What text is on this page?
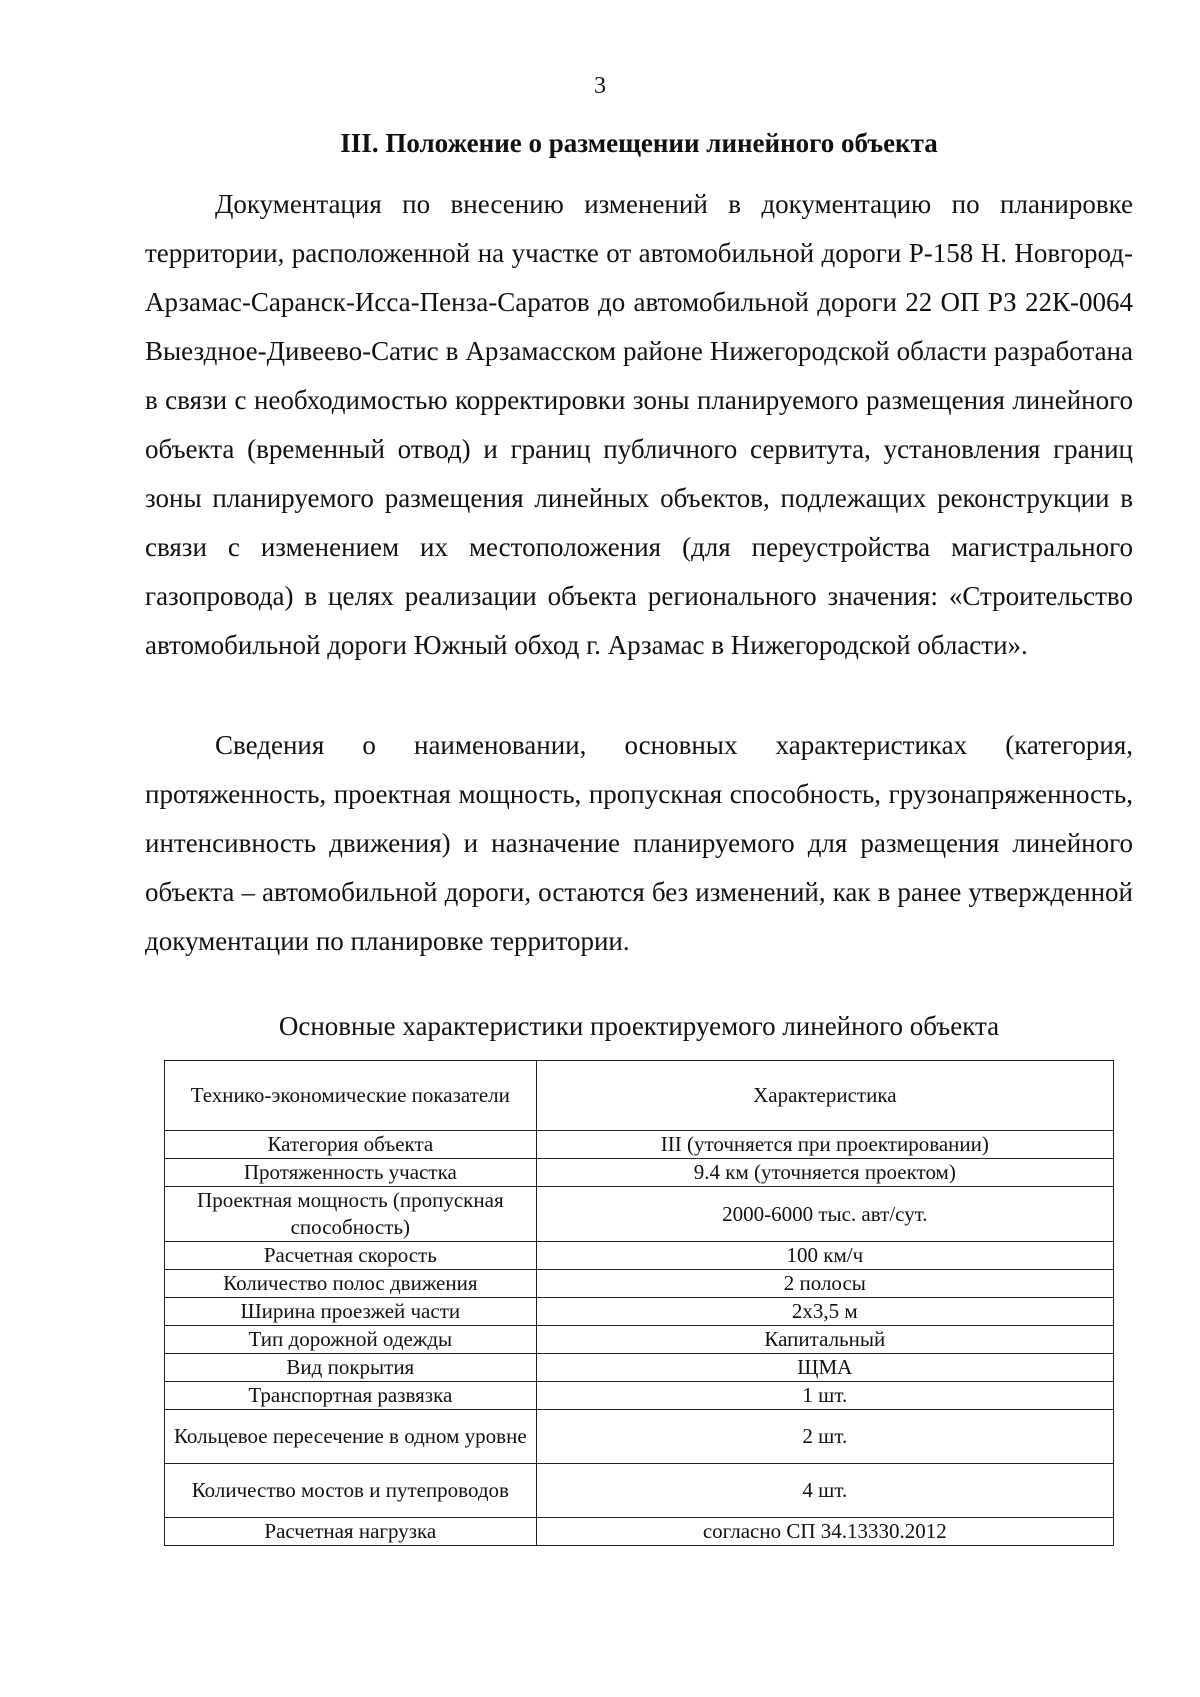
3
III. Положение о размещении линейного объекта

Документация по внесению изменений в документацию по планировке территории, расположенной на участке от автомобильной дороги Р-158 Н. Новгород-Арзамас-Саранск-Исса-Пенза-Саратов до автомобильной дороги 22 ОП РЗ 22К-0064 Выездное-Дивеево-Сатис в Арзамасском районе Нижегородской области разработана в связи с необходимостью корректировки зоны планируемого размещения линейного объекта (временный отвод) и границ публичного сервитута, установления границ зоны планируемого размещения линейных объектов, подлежащих реконструкции в связи с изменением их местоположения (для переустройства магистрального газопровода) в целях реализации объекта регионального значения: «Строительство автомобильной дороги Южный обход г. Арзамас в Нижегородской области».

Сведения о наименовании, основных характеристиках (категория, протяженность, проектная мощность, пропускная способность, грузонапряженность, интенсивность движения) и назначение планируемого для размещения линейного объекта – автомобильной дороги, остаются без изменений, как в ранее утвержденной документации по планировке территории.

Основные характеристики проектируемого линейного объекта
Технико-экономические показатели	Характеристика
Категория объекта	III (уточняется при проектировании)
Протяженность участка	9.4 км (уточняется проектом)
Проектная мощность (пропускная способность)	2000-6000 тыс. авт/сут.
Расчетная скорость	100 км/ч
Количество полос движения	2 полосы
Ширина проезжей части	2x3,5 м
Тип дорожной одежды	Капитальный
Вид покрытия	ЩМА
Транспортная развязка	1 шт.
Кольцевое пересечение в одном уровне	2 шт.
Количество мостов и путепроводов	4 шт.
Расчетная нагрузка	согласно СП 34.13330.2012
